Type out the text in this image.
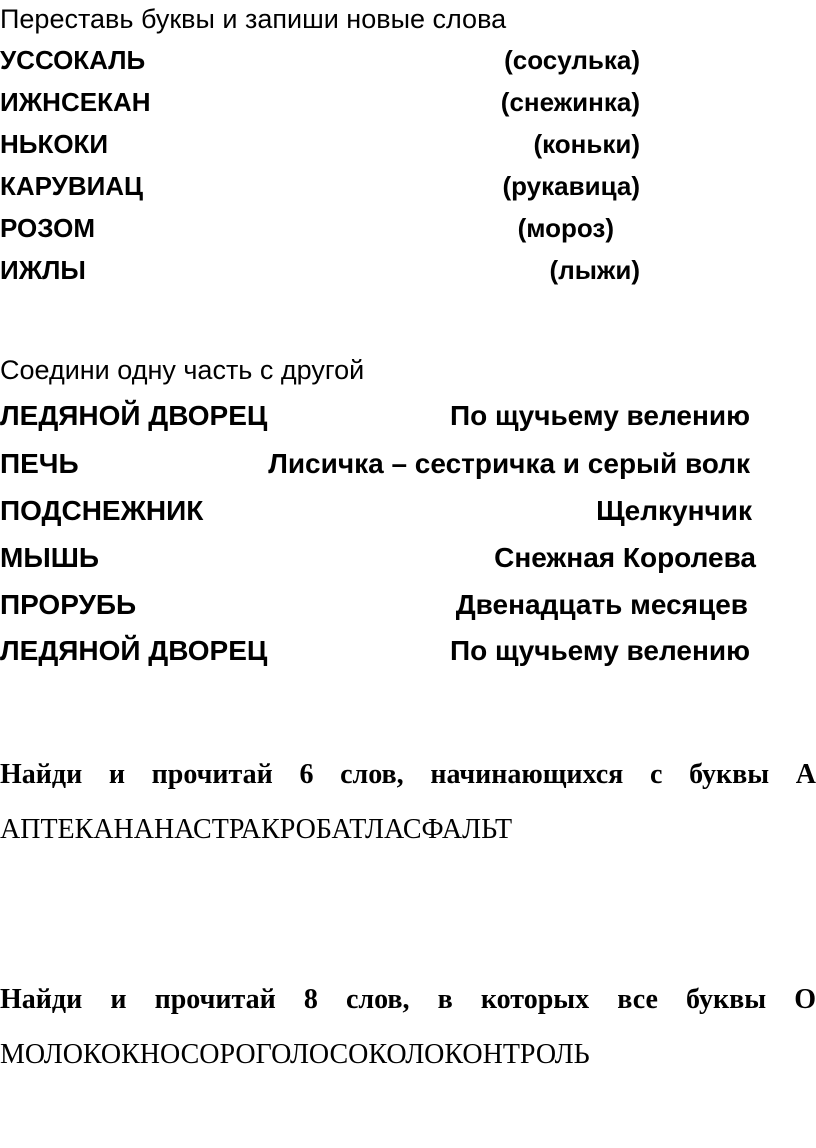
Переставь буквы и запиши новые слова
УССОКАЛЬ	(сосулька)
ИЖНСЕКАН	(снежинка)
НЬКОКИ	(коньки)
КАРУВИАЦ	(рукавица)
РОЗОМ	(мороз)
ИЖЛЫ	(лыжи)
Соедини одну часть с другой
ЛЕДЯНОЙ ДВОРЕЦ	По щучьему велению
ПЕЧЬ	Лисичка – сестричка и серый волк
ПОДСНЕЖНИК	Щелкунчик
МЫШЬ	Снежная Королева
ПРОРУБЬ	Двенадцать месяцев
ЛЕДЯНОЙ ДВОРЕЦ	По щучьему велению
Найди и прочитай 6 слов, начинающихся с буквы А
АПТЕКАНАНАСТРАКРОБАТЛАСФАЛЬТ
Найди и прочитай 8 слов, в которых все буквы О
МОЛОКОКНОСОРОГОЛОСОКОЛОКОНТРОЛЬ
